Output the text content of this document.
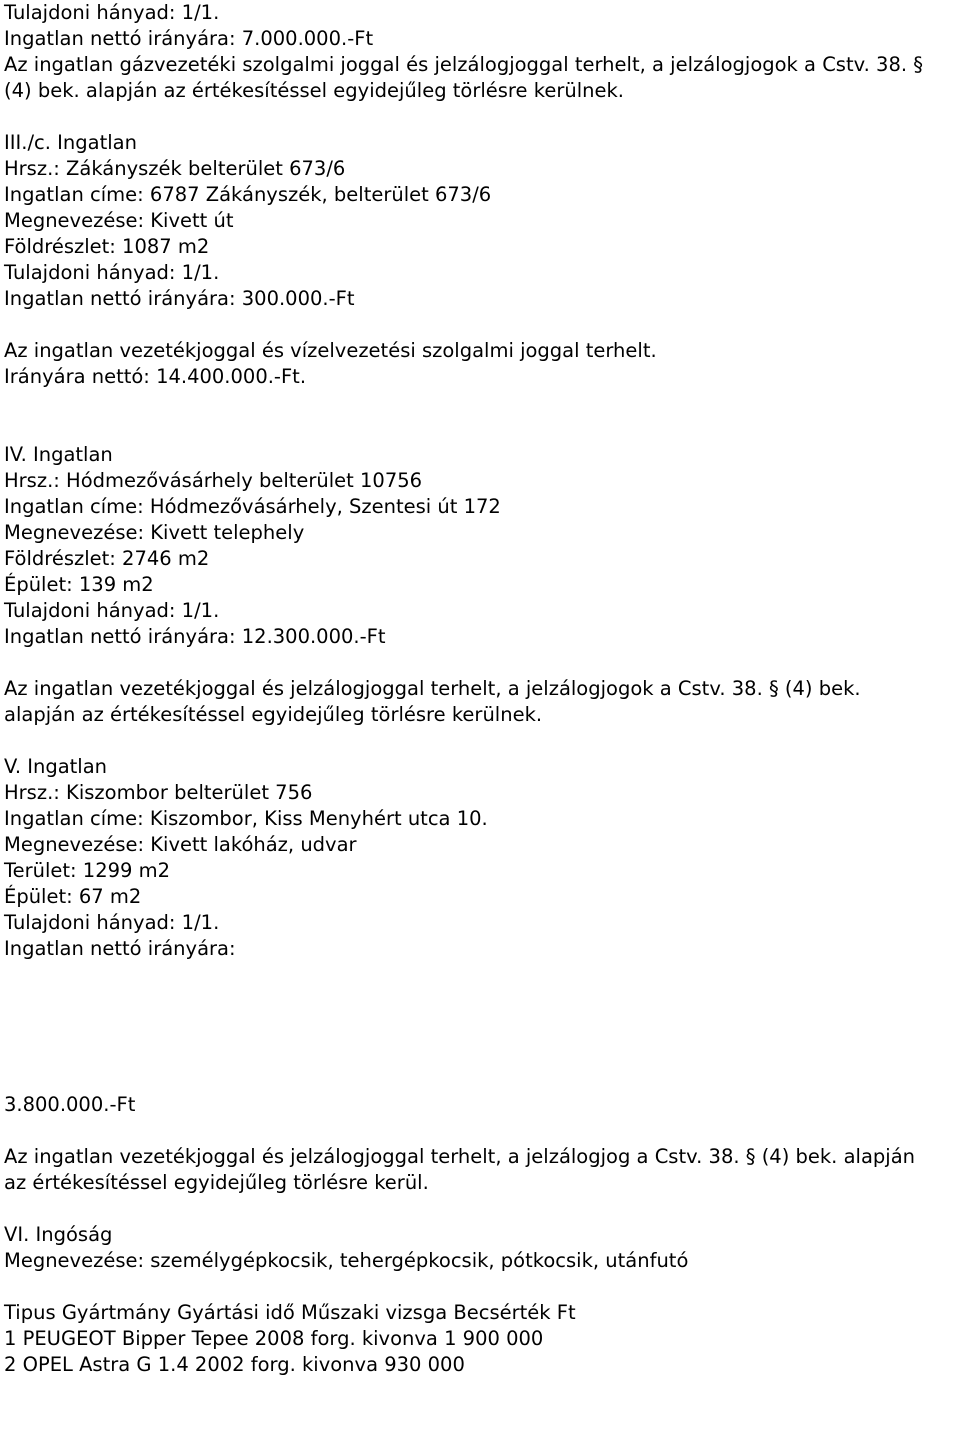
Tulajdoni hányad: 1/1.
Ingatlan nettó irányára: 7.000.000.-Ft
Az ingatlan gázvezetéki szolgalmi joggal és jelzálogjoggal terhelt, a jelzálogjogok a Cstv. 38. §
(4) bek. alapján az értékesítéssel egyidejűleg törlésre kerülnek.
III./c. Ingatlan
Hrsz.: Zákányszék belterület 673/6
Ingatlan címe: 6787 Zákányszék, belterület 673/6
Megnevezése: Kivett út
Földrészlet: 1087 m2
Tulajdoni hányad: 1/1.
Ingatlan nettó irányára: 300.000.-Ft
Az ingatlan vezetékjoggal és vízelvezetési szolgalmi joggal terhelt.
Irányára nettó: 14.400.000.-Ft.
IV. Ingatlan
Hrsz.: Hódmezővásárhely belterület 10756
Ingatlan címe: Hódmezővásárhely, Szentesi út 172
Megnevezése: Kivett telephely
Földrészlet: 2746 m2
Épület: 139 m2
Tulajdoni hányad: 1/1.
Ingatlan nettó irányára: 12.300.000.-Ft
Az ingatlan vezetékjoggal és jelzálogjoggal terhelt, a jelzálogjogok a Cstv. 38. § (4) bek.
alapján az értékesítéssel egyidejűleg törlésre kerülnek.
V. Ingatlan
Hrsz.: Kiszombor belterület 756
Ingatlan címe: Kiszombor, Kiss Menyhért utca 10.
Megnevezése: Kivett lakóház, udvar
Terület: 1299 m2
Épület: 67 m2
Tulajdoni hányad: 1/1.
Ingatlan nettó irányára:
3.800.000.-Ft
Az ingatlan vezetékjoggal és jelzálogjoggal terhelt, a jelzálogjog a Cstv. 38. § (4) bek. alapján
az értékesítéssel egyidejűleg törlésre kerül.
VI. Ingóság
Megnevezése: személygépkocsik, tehergépkocsik, pótkocsik, utánfutó
Tipus Gyártmány Gyártási idő Műszaki vizsga Becsérték Ft
1 PEUGEOT Bipper Tepee 2008 forg. kivonva 1 900 000
2 OPEL Astra G 1.4 2002 forg. kivonva 930 000
